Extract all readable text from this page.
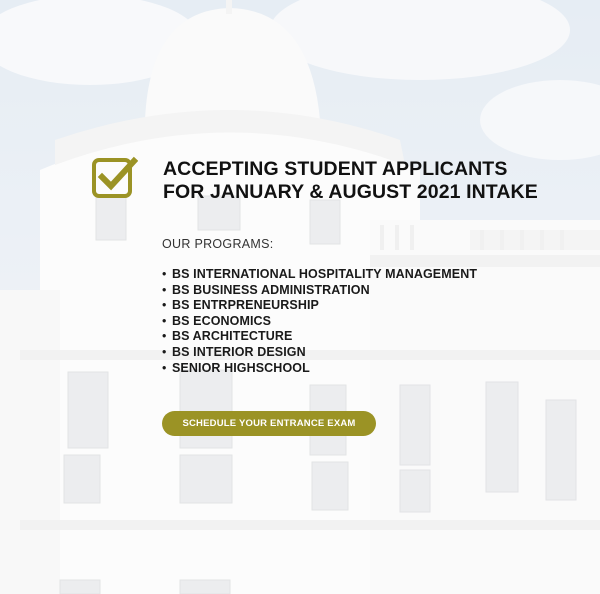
ACCEPTING STUDENT APPLICANTS
FOR JANUARY & AUGUST 2021 INTAKE
OUR PROGRAMS:
• BS INTERNATIONAL HOSPITALITY MANAGEMENT
• BS BUSINESS ADMINISTRATION
• BS ENTRPRENEURSHIP
• BS ECONOMICS
• BS ARCHITECTURE
• BS INTERIOR DESIGN
• SENIOR HIGHSCHOOL
SCHEDULE YOUR ENTRANCE EXAM
